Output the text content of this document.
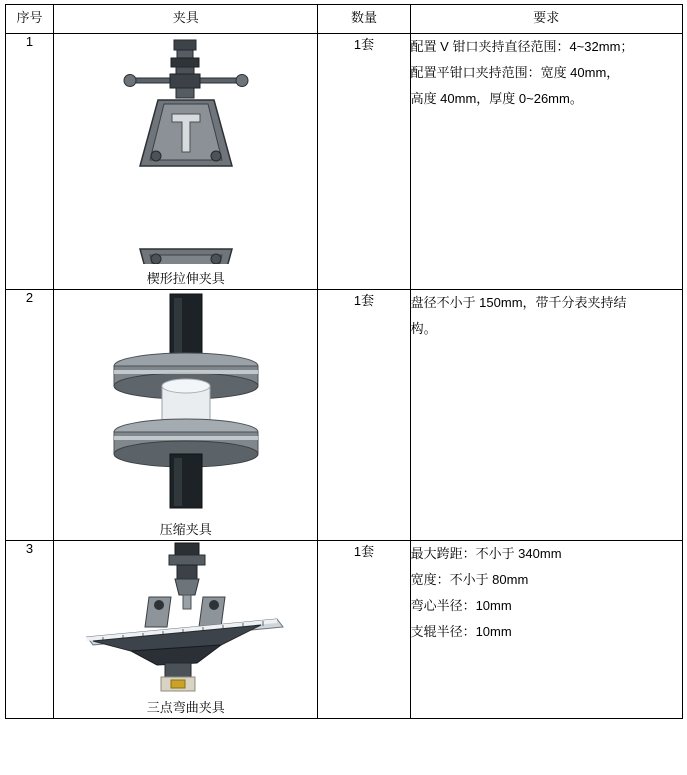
序号	夹具	数量	要求

1	楔形拉伸夹具	1套	配置 V 钳口夹持直径范围：4~32mm；
配置平钳口夹持范围：宽度 40mm，
高度 40mm，厚度 0~26mm。

2	压缩夹具	1套	盘径不小于 150mm，带千分表夹持结
构。

3	三点弯曲夹具	1套	最大跨距：不小于 340mm
宽度：不小于 80mm
弯心半径：10mm
支辊半径：10mm
